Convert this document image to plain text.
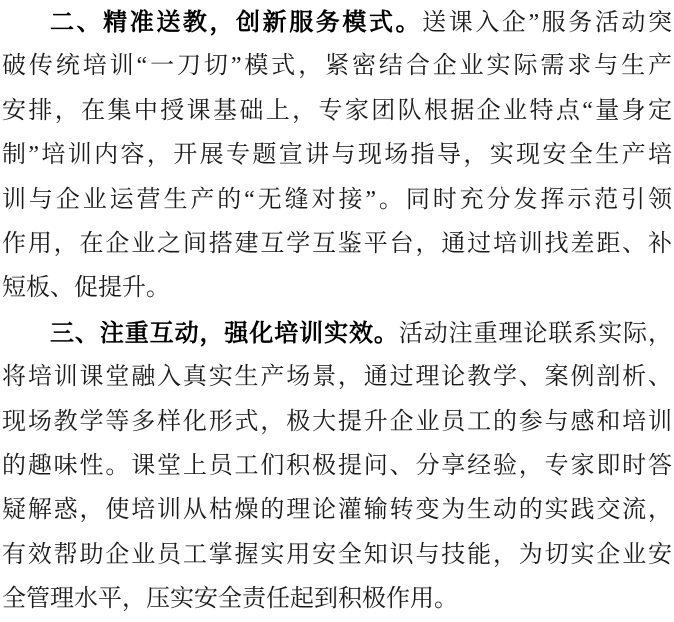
二、精准送教，创新服务模式。送课入企”服务活动突
破传统培训“一刀切”模式，紧密结合企业实际需求与生产
安排，在集中授课基础上，专家团队根据企业特点“量身定
制”培训内容，开展专题宣讲与现场指导，实现安全生产培
训与企业运营生产的“无缝对接”。同时充分发挥示范引领
作用，在企业之间搭建互学互鉴平台，通过培训找差距、补
短板、促提升。
三、注重互动，强化培训实效。活动注重理论联系实际，
将培训课堂融入真实生产场景，通过理论教学、案例剖析、
现场教学等多样化形式，极大提升企业员工的参与感和培训
的趣味性。课堂上员工们积极提问、分享经验，专家即时答
疑解惑，使培训从枯燥的理论灌输转变为生动的实践交流，
有效帮助企业员工掌握实用安全知识与技能，为切实企业安
全管理水平，压实安全责任起到积极作用。
